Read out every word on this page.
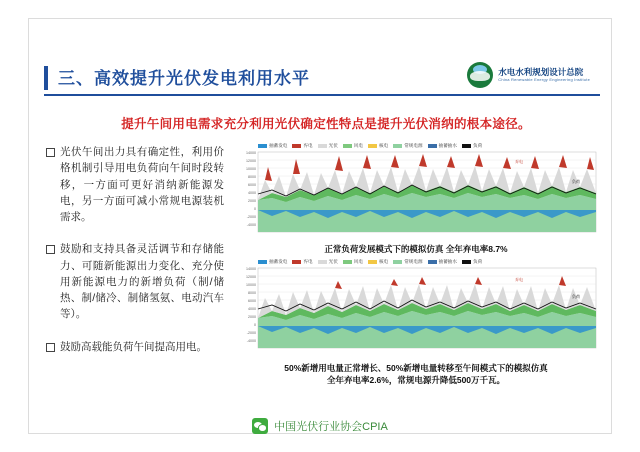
三、高效提升光伏发电利用水平	水电水利规划设计总院
China Renewable Energy Engineering Institute
提升午间用电需求充分利用光伏确定性特点是提升光伏消纳的根本途径。
光伏午间出力具有确定性，利用价格机制引导用电负荷向午间时段转移，一方面可更好消纳新能源发电，另一方面可减小常规电源装机需求。
鼓励和支持具备灵活调节和存储能力、可随新能源出力变化、充分使用新能源电力的新增负荷（制/储热、制/储冷、制储氢氨、电动汽车等）。
鼓励高载能负荷午间提高用电。
抽蓄发电	弃电	光伏	风电	核电	常规电源	抽蓄抽水	负荷
14000
12000
10000
8000
6000
4000
2000
0
-2000
-4000
弃电
负荷
正常负荷发展模式下的模拟仿真 全年弃电率8.7%
抽蓄发电	弃电	光伏	风电	核电	常规电源	抽蓄抽水	负荷
14000
12000
10000
8000
6000
4000
2000
0
-2000
-4000
弃电
负荷
50%新增用电量正常增长、50%新增电量转移至午间模式下的模拟仿真
全年弃电率2.6%，常规电源升降低500万千瓦。
中国光伏行业协会CPIA
